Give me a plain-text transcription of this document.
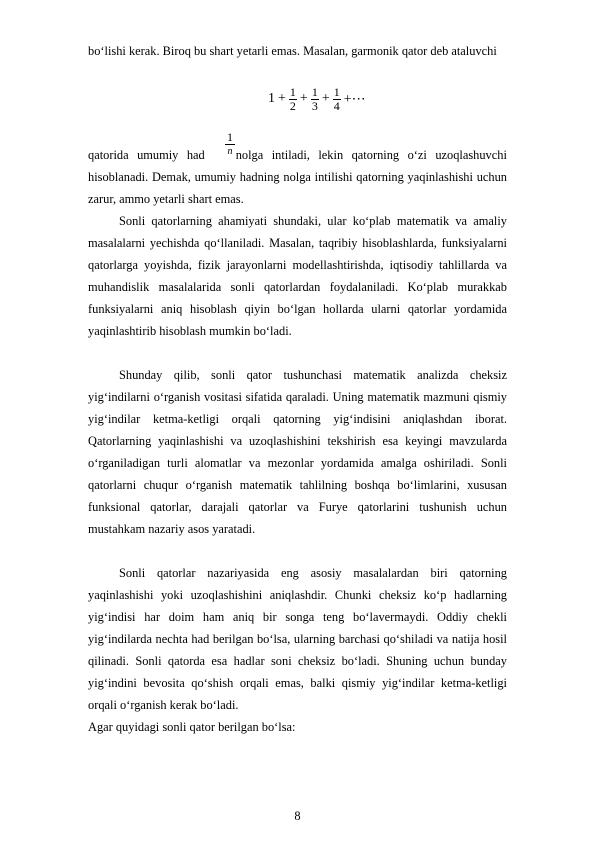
bo‘lishi kerak. Biroq bu shart yetarli emas. Masalan, garmonik qator deb ataluvchi

$1 + \frac{1}{2} + \frac{1}{3} + \frac{1}{4}$ +⋯
1
n
qatorida umumiy had nolga intiladi, lekin qatorning o‘zi uzoqlashuvchi

hisoblanadi. Demak, umumiy hadning nolga intilishi qatorning yaqinlashishi uchun zarur, ammo yetarli shart emas.

Sonli qatorlarning ahamiyati shundaki, ular ko‘plab matematik va amaliy masalalarni yechishda qo‘llaniladi. Masalan, taqribiy hisoblashlarda, funksiyalarni qatorlarga yoyishda, fizik jarayonlarni modellashtirishda, iqtisodiy tahlillarda va muhandislik masalalarida sonli qatorlardan foydalaniladi. Ko‘plab murakkab funksiyalarni aniq hisoblash qiyin bo‘lgan hollarda ularni qatorlar yordamida yaqinlashtirib hisoblash mumkin bo‘ladi.

Shunday qilib, sonli qator tushunchasi matematik analizda cheksiz yig‘indilarni o‘rganish vositasi sifatida qaraladi. Uning matematik mazmuni qismiy yig‘indilar ketma-ketligi orqali qatorning yig‘indisini aniqlashdan iborat. Qatorlarning yaqinlashishi va uzoqlashishini tekshirish esa keyingi mavzularda o‘rganiladigan turli alomatlar va mezonlar yordamida amalga oshiriladi. Sonli qatorlarni chuqur o‘rganish matematik tahlilning boshqa bo‘limlarini, xususan funksional qatorlar, darajali qatorlar va Furye qatorlarini tushunish uchun mustahkam nazariy asos yaratadi.

Sonli qatorlar nazariyasida eng asosiy masalalardan biri qatorning yaqinlashishi yoki uzoqlashishini aniqlashdir. Chunki cheksiz ko‘p hadlarning yig‘indisi har doim ham aniq bir songa teng bo‘lavermaydi. Oddiy chekli yig‘indilarda nechta had berilgan bo‘lsa, ularning barchasi qo‘shiladi va natija hosil qilinadi. Sonli qatorda esa hadlar soni cheksiz bo‘ladi. Shuning uchun bunday yig‘indini bevosita qo‘shish orqali emas, balki qismiy yig‘indilar ketma-ketligi orqali o‘rganish kerak bo‘ladi.

Agar quyidagi sonli qator berilgan bo‘lsa:

8
